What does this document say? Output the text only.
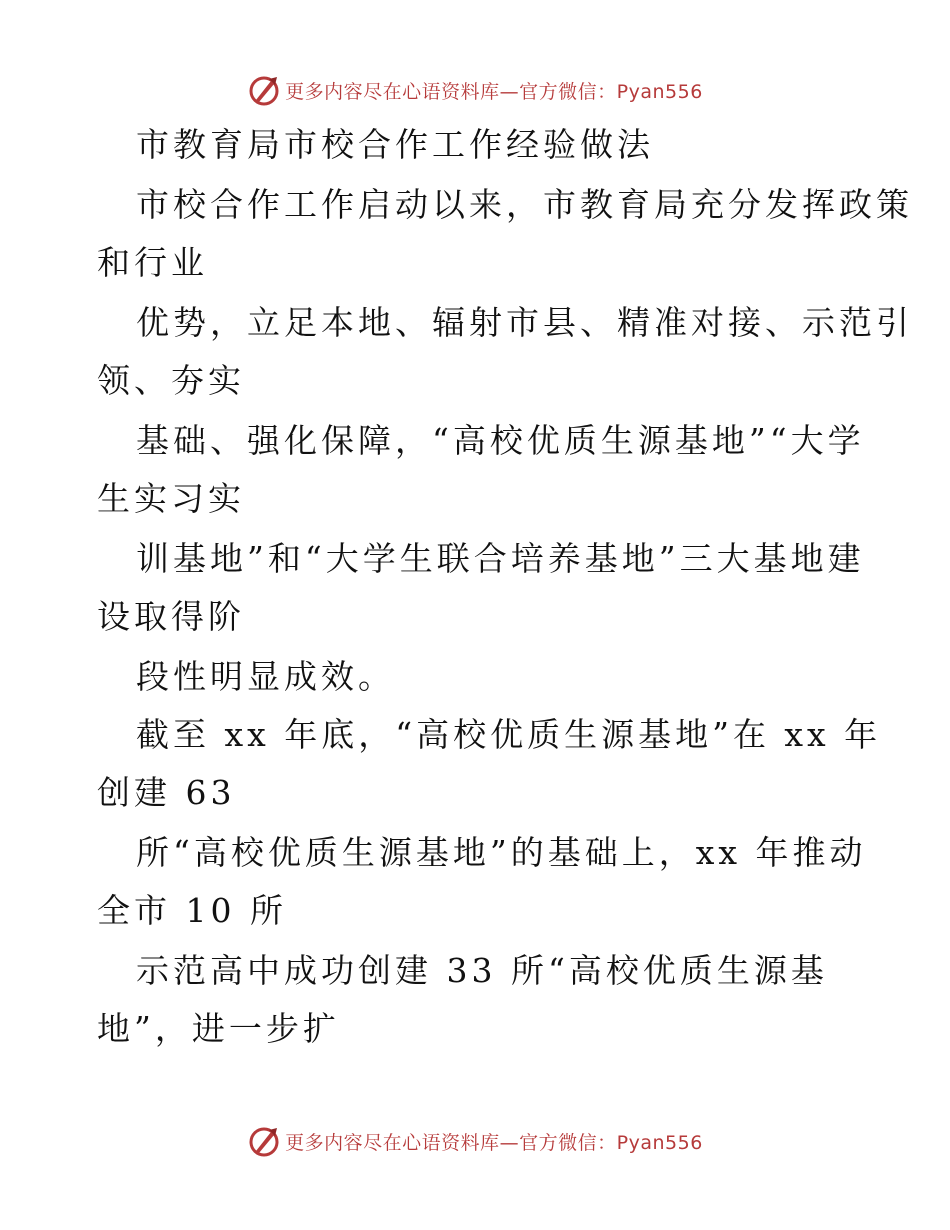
更多内容尽在心语资料库—官方微信：Pyan556
市教育局市校合作工作经验做法
市校合作工作启动以来，市教育局充分发挥政策
和行业
优势，立足本地、辐射市县、精准对接、示范引
领、夯实
基础、强化保障，“高校优质生源基地”“大学
生实习实
训基地”和“大学生联合培养基地”三大基地建
设取得阶
段性明显成效。
截至 xx 年底，“高校优质生源基地”在 xx 年
创建 63
所“高校优质生源基地”的基础上，xx 年推动
全市 10 所
示范高中成功创建 33 所“高校优质生源基
地”，进一步扩
更多内容尽在心语资料库—官方微信：Pyan556
